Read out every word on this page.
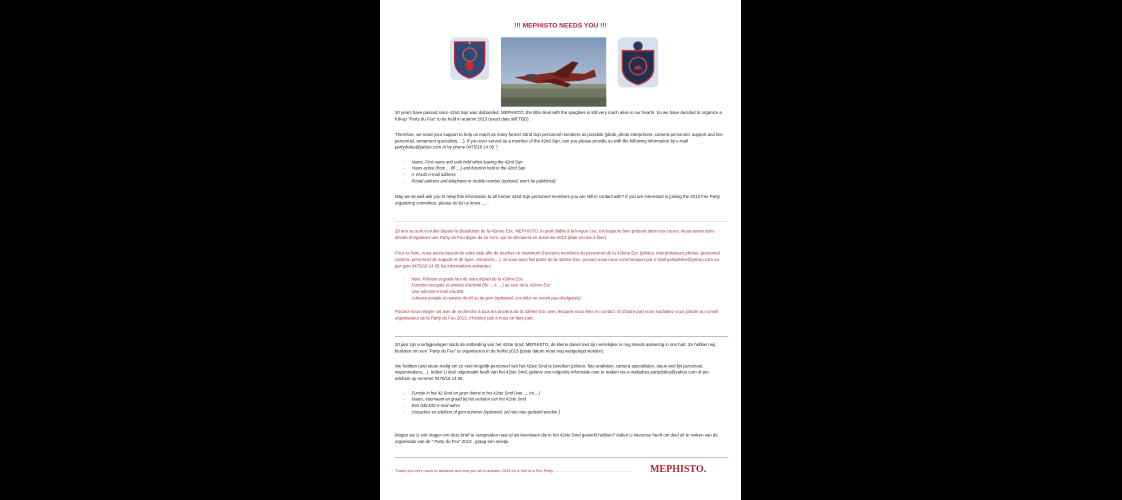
!!! MEPHISTO NEEDS YOU !!!

20 years have passed since 42nd Sqn was disbanded. MEPHISTO, the little devil with the spaghies is still very much alive in our hearts. So we have decided to organize a full-up "Party du Feu" to be held in autumn 2013 (exact date still TBD).

Therefore, we need your support to help us reach as many former 42nd Sqn personnel members as possible (pilots, photo interpreters, camera personnel, support and line personnel, armament specialists, ...). If you ever served as a member of the 42nd Sqn, can you please provide us with the following information by e-mail partydufeu@yahoo.com or by phone 0475/18 14 05 ?

- Name, First name and rank held when leaving the 42nd Sqn
- Years active (from ... till ....) and function held in the 42nd Sqn
- A VALID e-mail address
- Postal address and telephone or mobile number (optional, won't be published)

May we as well ask you to relay this information to all former 42nd Sqn personnel members you are still in contact with? If you are interested in joining the 2013 Fire Party organizing committee, please do let us know ......

20 ans se sont écoulés depuis la dissolution de la 42ème Esc. MEPHISTO, le petit diable à la longue cue, est toujours bien présent dans nos cœurs. Nous avons donc décidé d'organiser une Party du Feu digne de ce nom, qui se déroulera en automne 2013 (date encore à fixer).

Pour ce faire, nous avons besoin de votre aide afin de toucher un maximum d'anciens membres du personnel de la 42ème Esc (pilotes, interprétateurs photos, personnel caméra, personnel de support et de ligne, armuriers,...). Si vous avez fait partie de la 42ème Esc, pouvez-vous nous communiquer par e-mail partydufeu@yahoo.com ou par gsm 0475/18 14 05 les informations suivantes:

- Nom, Prénom et grade lors de votre départ de la 42ème Esc
- Fonction occupée et années d'activité (de ... à ....) au sein de la 42ème Esc
- Une adresse e-mail VALIDE
- Adresse postale et numéro de tél ou de gsm (optionnel, ces infos ne seront pas divulguées)

Pouvez-vous relayer cet avis de recherche à tous les anciens de la 42ème Esc avec lesquels vous êtes en contact. Si d'autre part vous souhaitez vous joindre au comité organisateur de la Party du Feu 2013, n'hésitez pas à nous en faire part.

20 jaar zijn voorbijgevlogen sinds de ontbinding van het 42ste Smd. MEPHISTO, de kleine duivel met zijn verrekijker is nog steeds aanwezig in ons hart. Ze hebben wij besloten om een "Party du Feu" te organiseren in de herfst 2013 (juiste datum moet nog vastgelegd worden).

We hebben (uw) steun nodig om zo veel mogelijk personeel van het 42ste Smd te bereiken (piloten, foto analisten, camera specialisten, steun and lijn personeel, wapenmakers,...). Indien U deel uitgemaakt heeft van het 42ste Smd, gelieve ons volgende informatie over te maken via e-mailadres partydufeu@yahoo.com of per telefoon op nummer 0475/18 14 05:

- Functie in het 42 Smd en jaren dienst in het 42ste Smd (van .... tot....)
- Naam, Voornaam en graad bij het verlaten van het 42ste Smd
- Een GELDIG e-mail adres
- Huisadres en telefoon of gsm nummer (optioneel, zal niet mee gedeeld worden )

Mogen we U ook vragen om deze brief te verspreiden naar al uw kennissen die in het 42ste Smd gewerkt hebben? Indien U interesse heeft om deel uit te maken van de organisatie van de " Party du Feu" 2013 , graag een seintje.

Thank you very much in advance and see you all in autumn 2013 for a hell of a Fire Party ...................................................... MEPHISTO.
